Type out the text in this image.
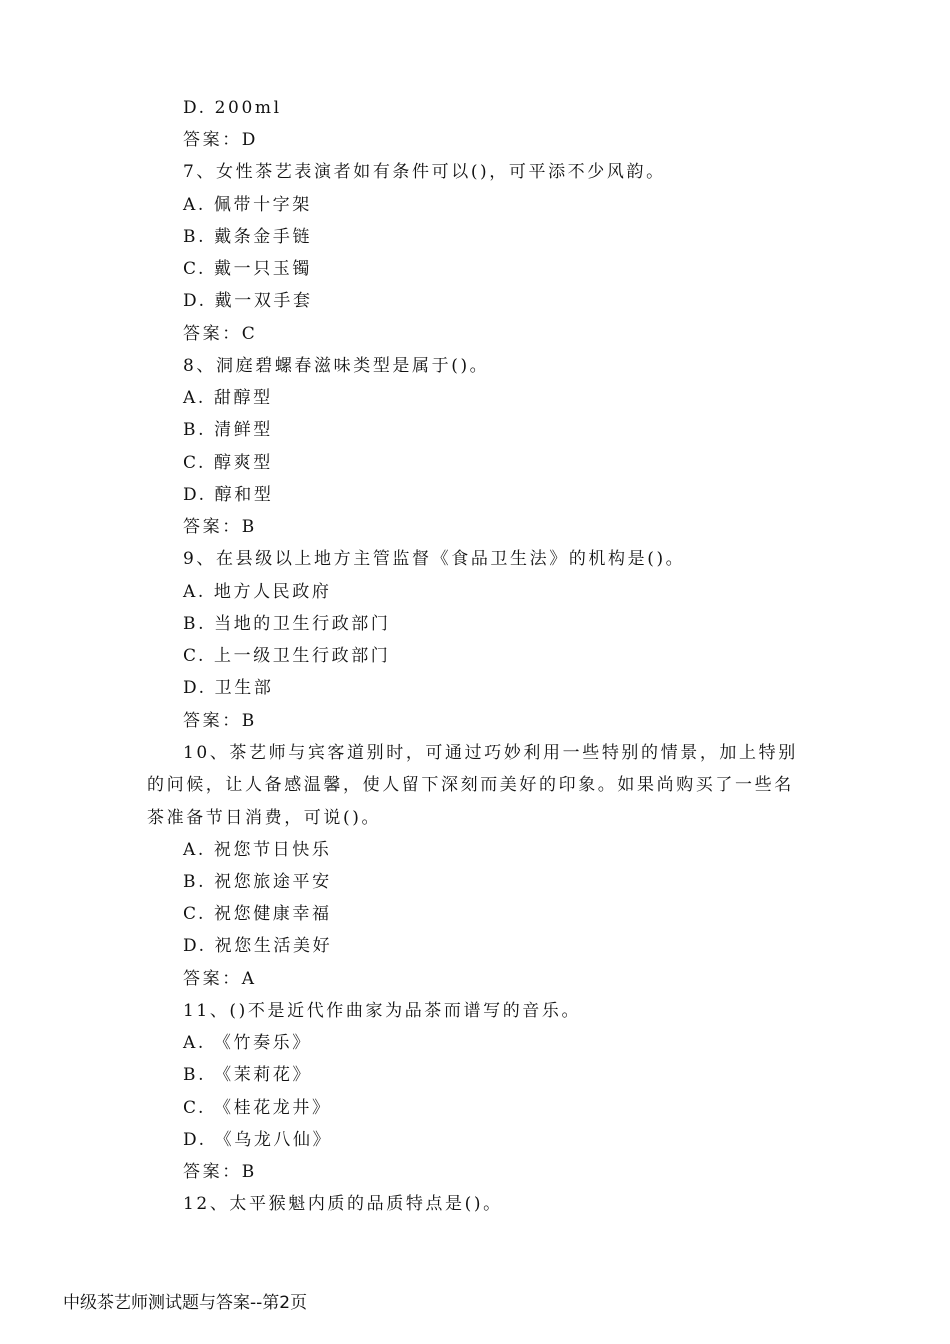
D. 200ml
答案：D
7、女性茶艺表演者如有条件可以()，可平添不少风韵。
A. 佩带十字架
B. 戴条金手链
C. 戴一只玉镯
D. 戴一双手套
答案：C
8、洞庭碧螺春滋味类型是属于()。
A. 甜醇型
B. 清鲜型
C. 醇爽型
D. 醇和型
答案：B
9、在县级以上地方主管监督《食品卫生法》的机构是()。
A. 地方人民政府
B. 当地的卫生行政部门
C. 上一级卫生行政部门
D. 卫生部
答案：B
10、茶艺师与宾客道别时，可通过巧妙利用一些特别的情景，加上特别的问候，让人备感温馨，使人留下深刻而美好的印象。如果尚购买了一些名茶准备节日消费，可说()。
A. 祝您节日快乐
B. 祝您旅途平安
C. 祝您健康幸福
D. 祝您生活美好
答案：A
11、()不是近代作曲家为品茶而谱写的音乐。
A. 《竹奏乐》
B. 《茉莉花》
C. 《桂花龙井》
D. 《乌龙八仙》
答案：B
12、太平猴魁内质的品质特点是()。
中级茶艺师测试题与答案--第2页
